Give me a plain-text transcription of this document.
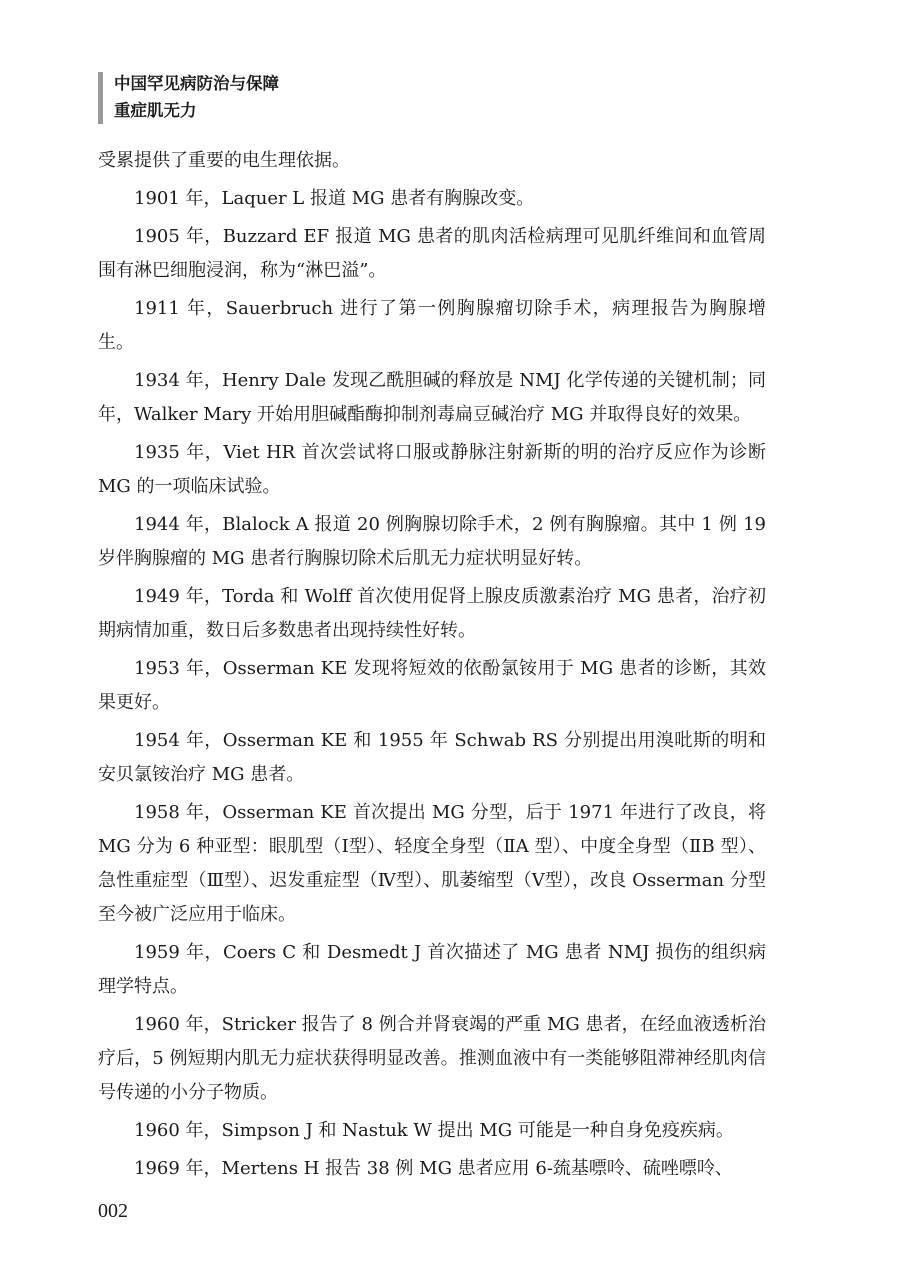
中国罕见病防治与保障
重症肌无力

受累提供了重要的电生理依据。

1901 年，Laquer L 报道 MG 患者有胸腺改变。

1905 年，Buzzard EF 报道 MG 患者的肌肉活检病理可见肌纤维间和血管周围有淋巴细胞浸润，称为“淋巴溢”。

1911 年，Sauerbruch 进行了第一例胸腺瘤切除手术，病理报告为胸腺增生。

1934 年，Henry Dale 发现乙酰胆碱的释放是 NMJ 化学传递的关键机制；同年，Walker Mary 开始用胆碱酯酶抑制剂毒扁豆碱治疗 MG 并取得良好的效果。

1935 年，Viet HR 首次尝试将口服或静脉注射新斯的明的治疗反应作为诊断 MG 的一项临床试验。

1944 年，Blalock A 报道 20 例胸腺切除手术，2 例有胸腺瘤。其中 1 例 19 岁伴胸腺瘤的 MG 患者行胸腺切除术后肌无力症状明显好转。

1949 年，Torda 和 Wolff 首次使用促肾上腺皮质激素治疗 MG 患者，治疗初期病情加重，数日后多数患者出现持续性好转。

1953 年，Osserman KE 发现将短效的依酚氯铵用于 MG 患者的诊断，其效果更好。

1954 年，Osserman KE 和 1955 年 Schwab RS 分别提出用溴吡斯的明和安贝氯铵治疗 MG 患者。

1958 年，Osserman KE 首次提出 MG 分型，后于 1971 年进行了改良，将 MG 分为 6 种亚型：眼肌型（Ⅰ型）、轻度全身型（ⅡA 型）、中度全身型（ⅡB 型）、急性重症型（Ⅲ型）、迟发重症型（Ⅳ型）、肌萎缩型（Ⅴ型），改良 Osserman 分型至今被广泛应用于临床。

1959 年，Coers C 和 Desmedt J 首次描述了 MG 患者 NMJ 损伤的组织病理学特点。

1960 年，Stricker 报告了 8 例合并肾衰竭的严重 MG 患者，在经血液透析治疗后，5 例短期内肌无力症状获得明显改善。推测血液中有一类能够阻滞神经肌肉信号传递的小分子物质。

1960 年，Simpson J 和 Nastuk W 提出 MG 可能是一种自身免疫疾病。

1969 年，Mertens H 报告 38 例 MG 患者应用 6-巯基嘌呤、硫唑嘌呤、

002
